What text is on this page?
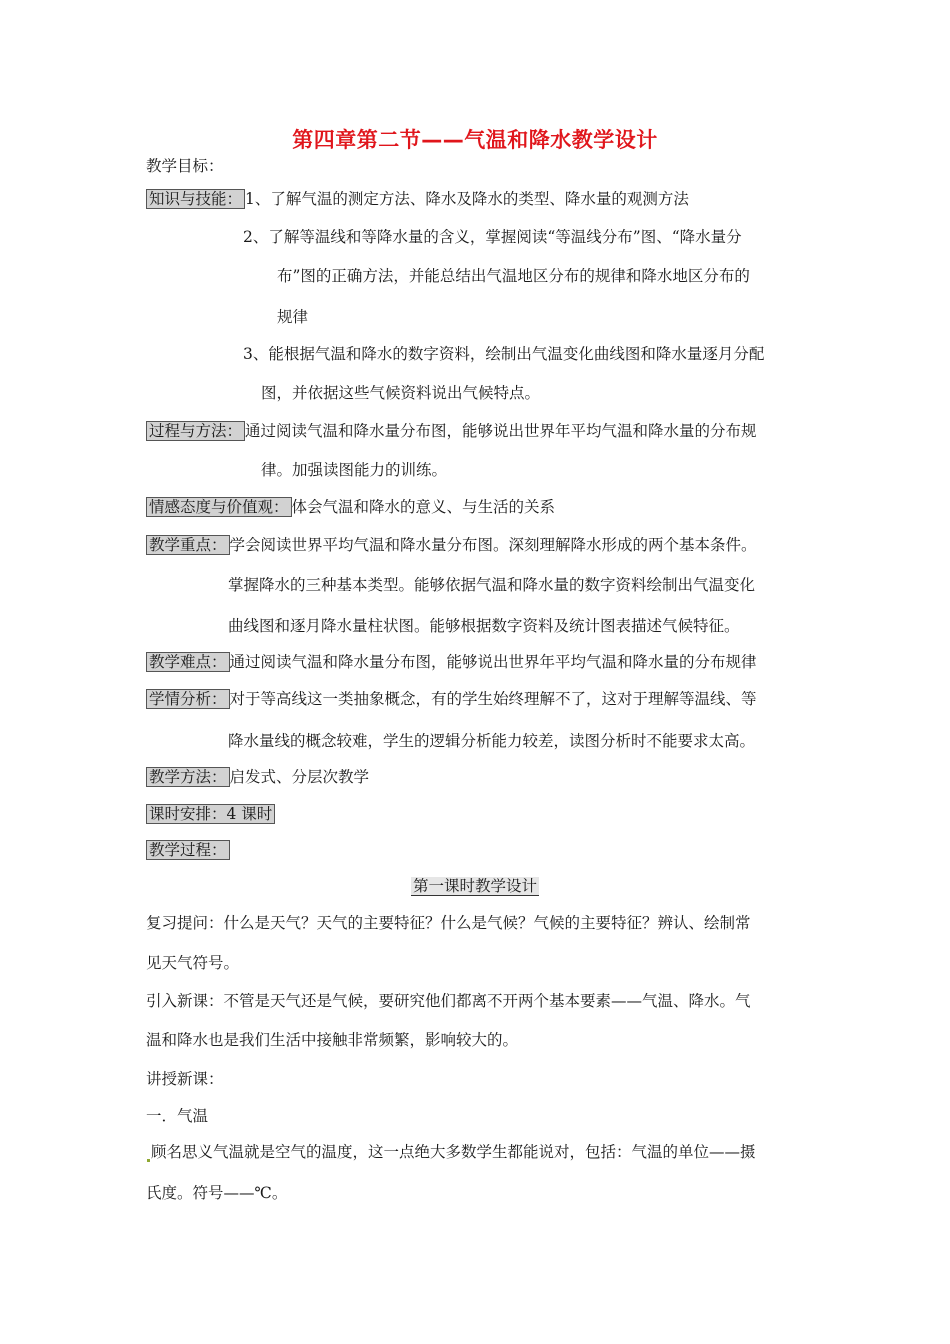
第四章第二节——气温和降水教学设计
教学目标：
知识与技能： 1、了解气温的测定方法、降水及降水的类型、降水量的观测方法
2、了解等温线和等降水量的含义，掌握阅读“等温线分布”图、“降水量分
布”图的正确方法，并能总结出气温地区分布的规律和降水地区分布的
规律
3、能根据气温和降水的数字资料，绘制出气温变化曲线图和降水量逐月分配
图，并依据这些气候资料说出气候特点。
过程与方法： 通过阅读气温和降水量分布图，能够说出世界年平均气温和降水量的分布规
律。加强读图能力的训练。
情感态度与价值观： 体会气温和降水的意义、与生活的关系
教学重点： 学会阅读世界平均气温和降水量分布图。深刻理解降水形成的两个基本条件。
掌握降水的三种基本类型。能够依据气温和降水量的数字资料绘制出气温变化
曲线图和逐月降水量柱状图。能够根据数字资料及统计图表描述气候特征。
教学难点： 通过阅读气温和降水量分布图，能够说出世界年平均气温和降水量的分布规律
学情分析： 对于等高线这一类抽象概念，有的学生始终理解不了，这对于理解等温线、等
降水量线的概念较难，学生的逻辑分析能力较差，读图分析时不能要求太高。
教学方法： 启发式、分层次教学
课时安排：4 课时
教学过程：
第一课时教学设计
复习提问：什么是天气？天气的主要特征？什么是气候？气候的主要特征？辨认、绘制常
见天气符号。
引入新课：不管是天气还是气候，要研究他们都离不开两个基本要素——气温、降水。气
温和降水也是我们生活中接触非常频繁，影响较大的。
讲授新课：
一．气温
顾名思义气温就是空气的温度，这一点绝大多数学生都能说对，包括：气温的单位——摄
氏度。符号——℃。
